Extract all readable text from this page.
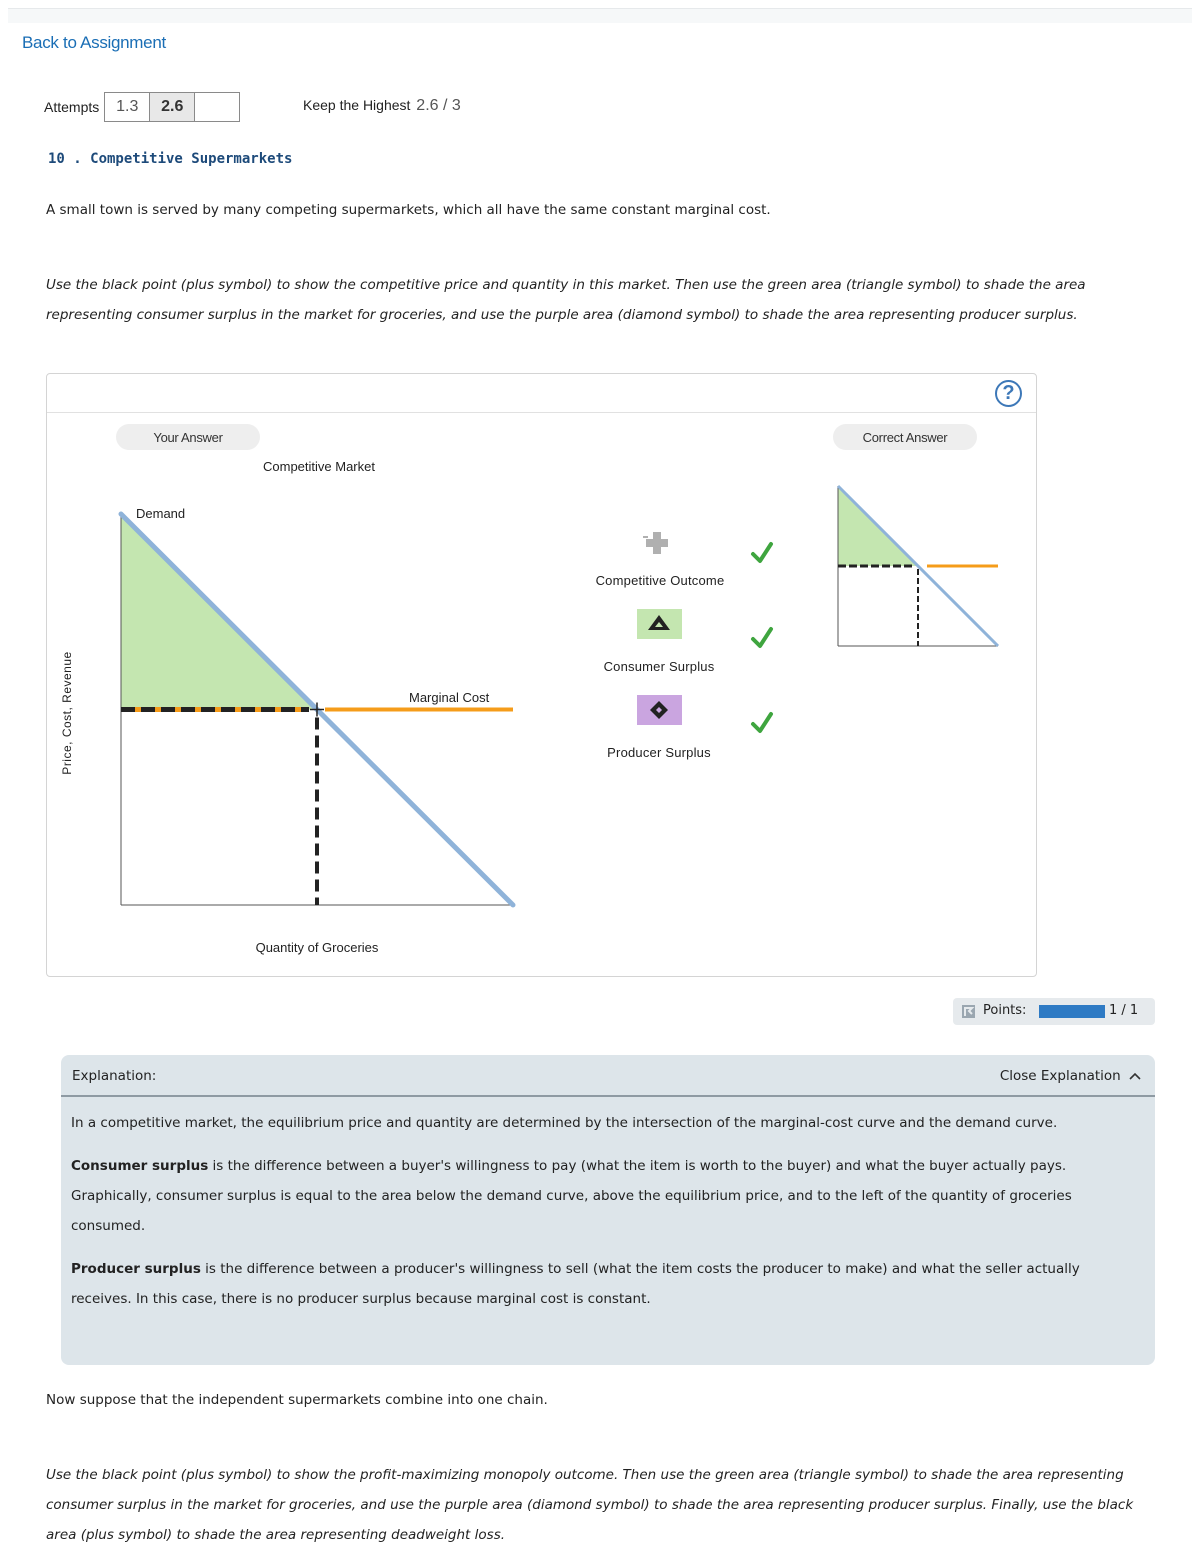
Back to Assignment
Attempts	1.3	2.6	Keep the Highest 2.6 / 3
10 . Competitive Supermarkets
A small town is served by many competing supermarkets, which all have the same constant marginal cost.
Use the black point (plus symbol) to show the competitive price and quantity in this market. Then use the green area (triangle symbol) to shade the area representing consumer surplus in the market for groceries, and use the purple area (diamond symbol) to shade the area representing producer surplus.
?
Your Answer	Correct Answer
Demand
Marginal Cost
Competitive Market
Quantity of Groceries
Price, Cost, Revenue
Competitive Outcome
Consumer Surplus
Producer Surplus
Points:	1 / 1
Explanation:	Close Explanation

In a competitive market, the equilibrium price and quantity are determined by the intersection of the marginal-cost curve and the demand curve.

Consumer surplus is the difference between a buyer's willingness to pay (what the item is worth to the buyer) and what the buyer actually pays. Graphically, consumer surplus is equal to the area below the demand curve, above the equilibrium price, and to the left of the quantity of groceries consumed.

Producer surplus is the difference between a producer's willingness to sell (what the item costs the producer to make) and what the seller actually receives. In this case, there is no producer surplus because marginal cost is constant.

Now suppose that the independent supermarkets combine into one chain.
Use the black point (plus symbol) to show the profit-maximizing monopoly outcome. Then use the green area (triangle symbol) to shade the area representing consumer surplus in the market for groceries, and use the purple area (diamond symbol) to shade the area representing producer surplus. Finally, use the black area (plus symbol) to shade the area representing deadweight loss.
